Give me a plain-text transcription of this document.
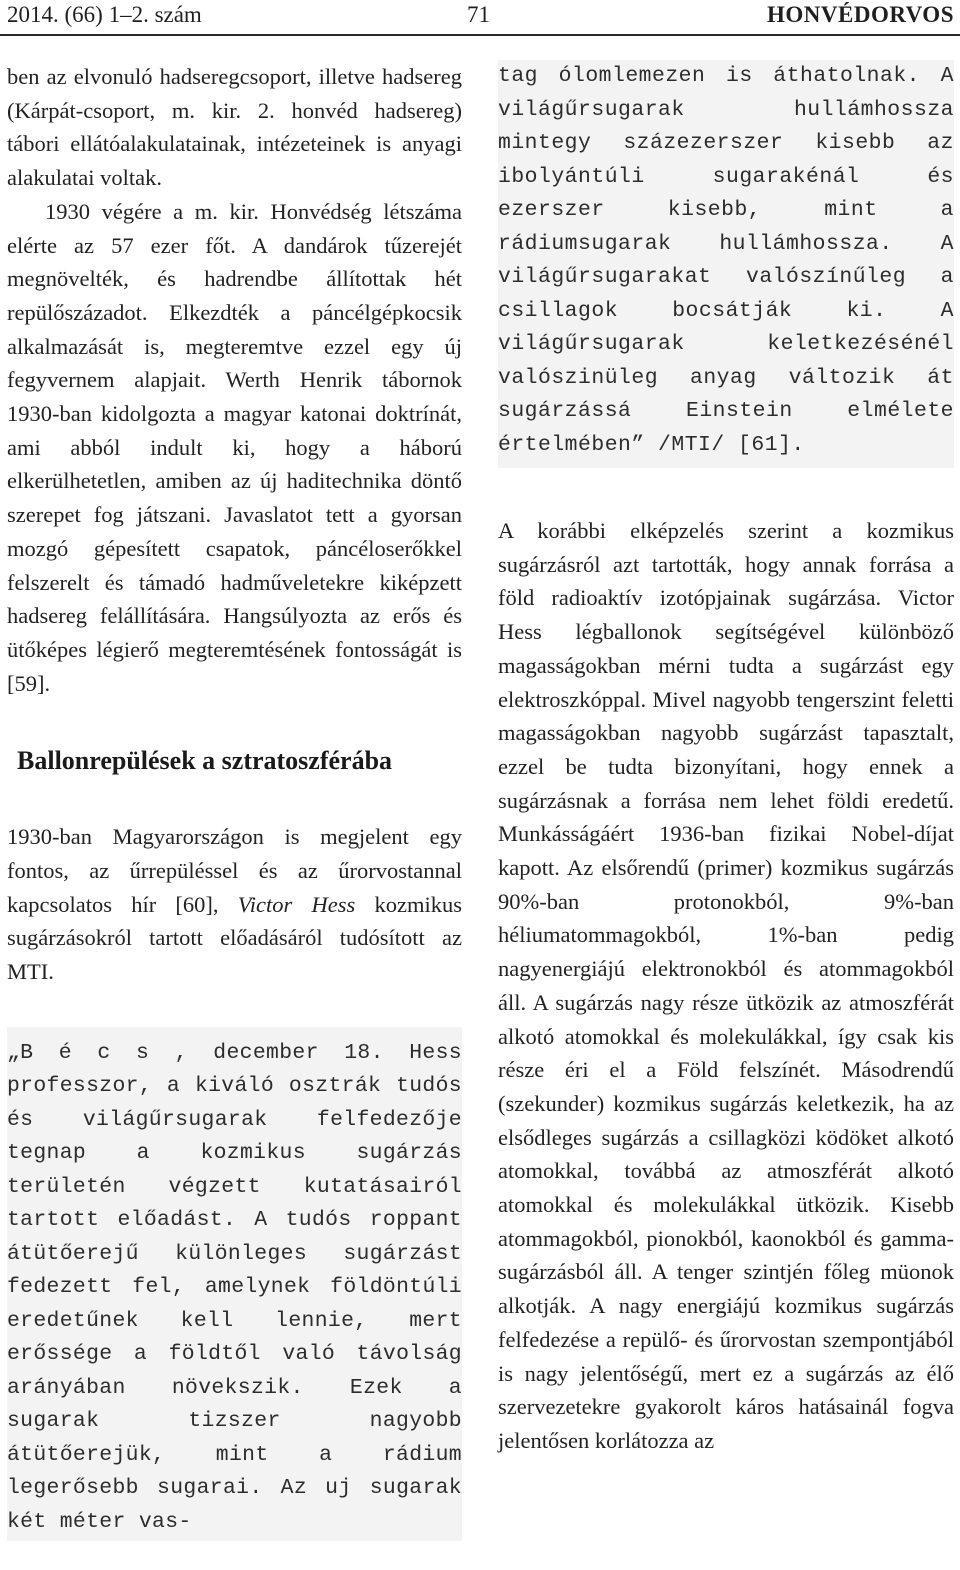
2014. (66) 1–2. szám	71	HONVÉDORVOS

ben az elvonuló hadseregcsoport, illetve hadsereg (Kárpát-csoport, m. kir. 2. honvéd hadsereg) tábori ellátóalakulatainak, intézeteinek is anyagi alakulatai voltak.

1930 végére a m. kir. Honvédség létszáma elérte az 57 ezer főt. A dandárok tűzerejét megnövelték, és hadrendbe állítottak hét repülőszázadot. Elkezdték a páncélgépkocsik alkalmazását is, megteremtve ezzel egy új fegyvernem alapjait. Werth Henrik tábornok 1930-ban kidolgozta a magyar katonai doktrínát, ami abból indult ki, hogy a háború elkerülhetetlen, amiben az új haditechnika döntő szerepet fog játszani. Javaslatot tett a gyorsan mozgó gépesített csapatok, páncéloserőkkel felszerelt és támadó hadműveletekre kiképzett hadsereg felállítására. Hangsúlyozta az erős és ütőképes légierő megteremtésének fontosságát is [59].

Ballonrepülések a sztratoszférába

1930-ban Magyarországon is megjelent egy fontos, az űrrepüléssel és az űrorvostannal kapcsolatos hír [60], Victor Hess kozmikus sugárzásokról tartott előadásáról tudósított az MTI.

„B é c s , december 18. Hess professzor, a kiváló osztrák tudós és világűrsugarak felfedezője tegnap a kozmikus sugárzás területén végzett kutatásairól tartott előadást. A tudós roppant átütőerejű különleges sugárzást fedezett fel, amelynek földöntúli eredetűnek kell lennie, mert erőssége a földtől való távolság arányában növekszik. Ezek a sugarak tizszer nagyobb átütőerejük, mint a rádium legerősebb sugarai. Az uj sugarak két méter vas-

tag ólomlemezen is áthatolnak. A világűrsugarak hullámhossza mintegy százezerszer kisebb az ibolyántúli sugarakénál és ezerszer kisebb, mint a rádiumsugarak hullámhossza. A világűrsugarakat valószínűleg a csillagok bocsátják ki. A világűrsugarak keletkezésénél valószinüleg anyag változik át sugárzássá Einstein elmélete értelmében” /MTI/ [61].

A korábbi elképzelés szerint a kozmikus sugárzásról azt tartották, hogy annak forrása a föld radioaktív izotópjainak sugárzása. Victor Hess légballonok segítségével különböző magasságokban mérni tudta a sugárzást egy elektroszkóppal. Mivel nagyobb tengerszint feletti magasságokban nagyobb sugárzást tapasztalt, ezzel be tudta bizonyítani, hogy ennek a sugárzásnak a forrása nem lehet földi eredetű. Munkásságáért 1936-ban fizikai Nobel-díjat kapott. Az elsőrendű (primer) kozmikus sugárzás 90%-ban protonokból, 9%-ban héliumatommagokból, 1%-ban pedig nagyenergiájú elektronokból és atommagokból áll. A sugárzás nagy része ütközik az atmoszférát alkotó atomokkal és molekulákkal, így csak kis része éri el a Föld felszínét. Másodrendű (szekunder) kozmikus sugárzás keletkezik, ha az elsődleges sugárzás a csillagközi ködöket alkotó atomokkal, továbbá az atmoszférát alkotó atomokkal és molekulákkal ütközik. Kisebb atommagokból, pionokból, kaonokból és gamma-sugárzásból áll. A tenger szintjén főleg müonok alkotják. A nagy energiájú kozmikus sugárzás felfedezése a repülő- és űrorvostan szempontjából is nagy jelentőségű, mert ez a sugárzás az élő szervezetekre gyakorolt káros hatásainál fogva jelentősen korlátozza az
